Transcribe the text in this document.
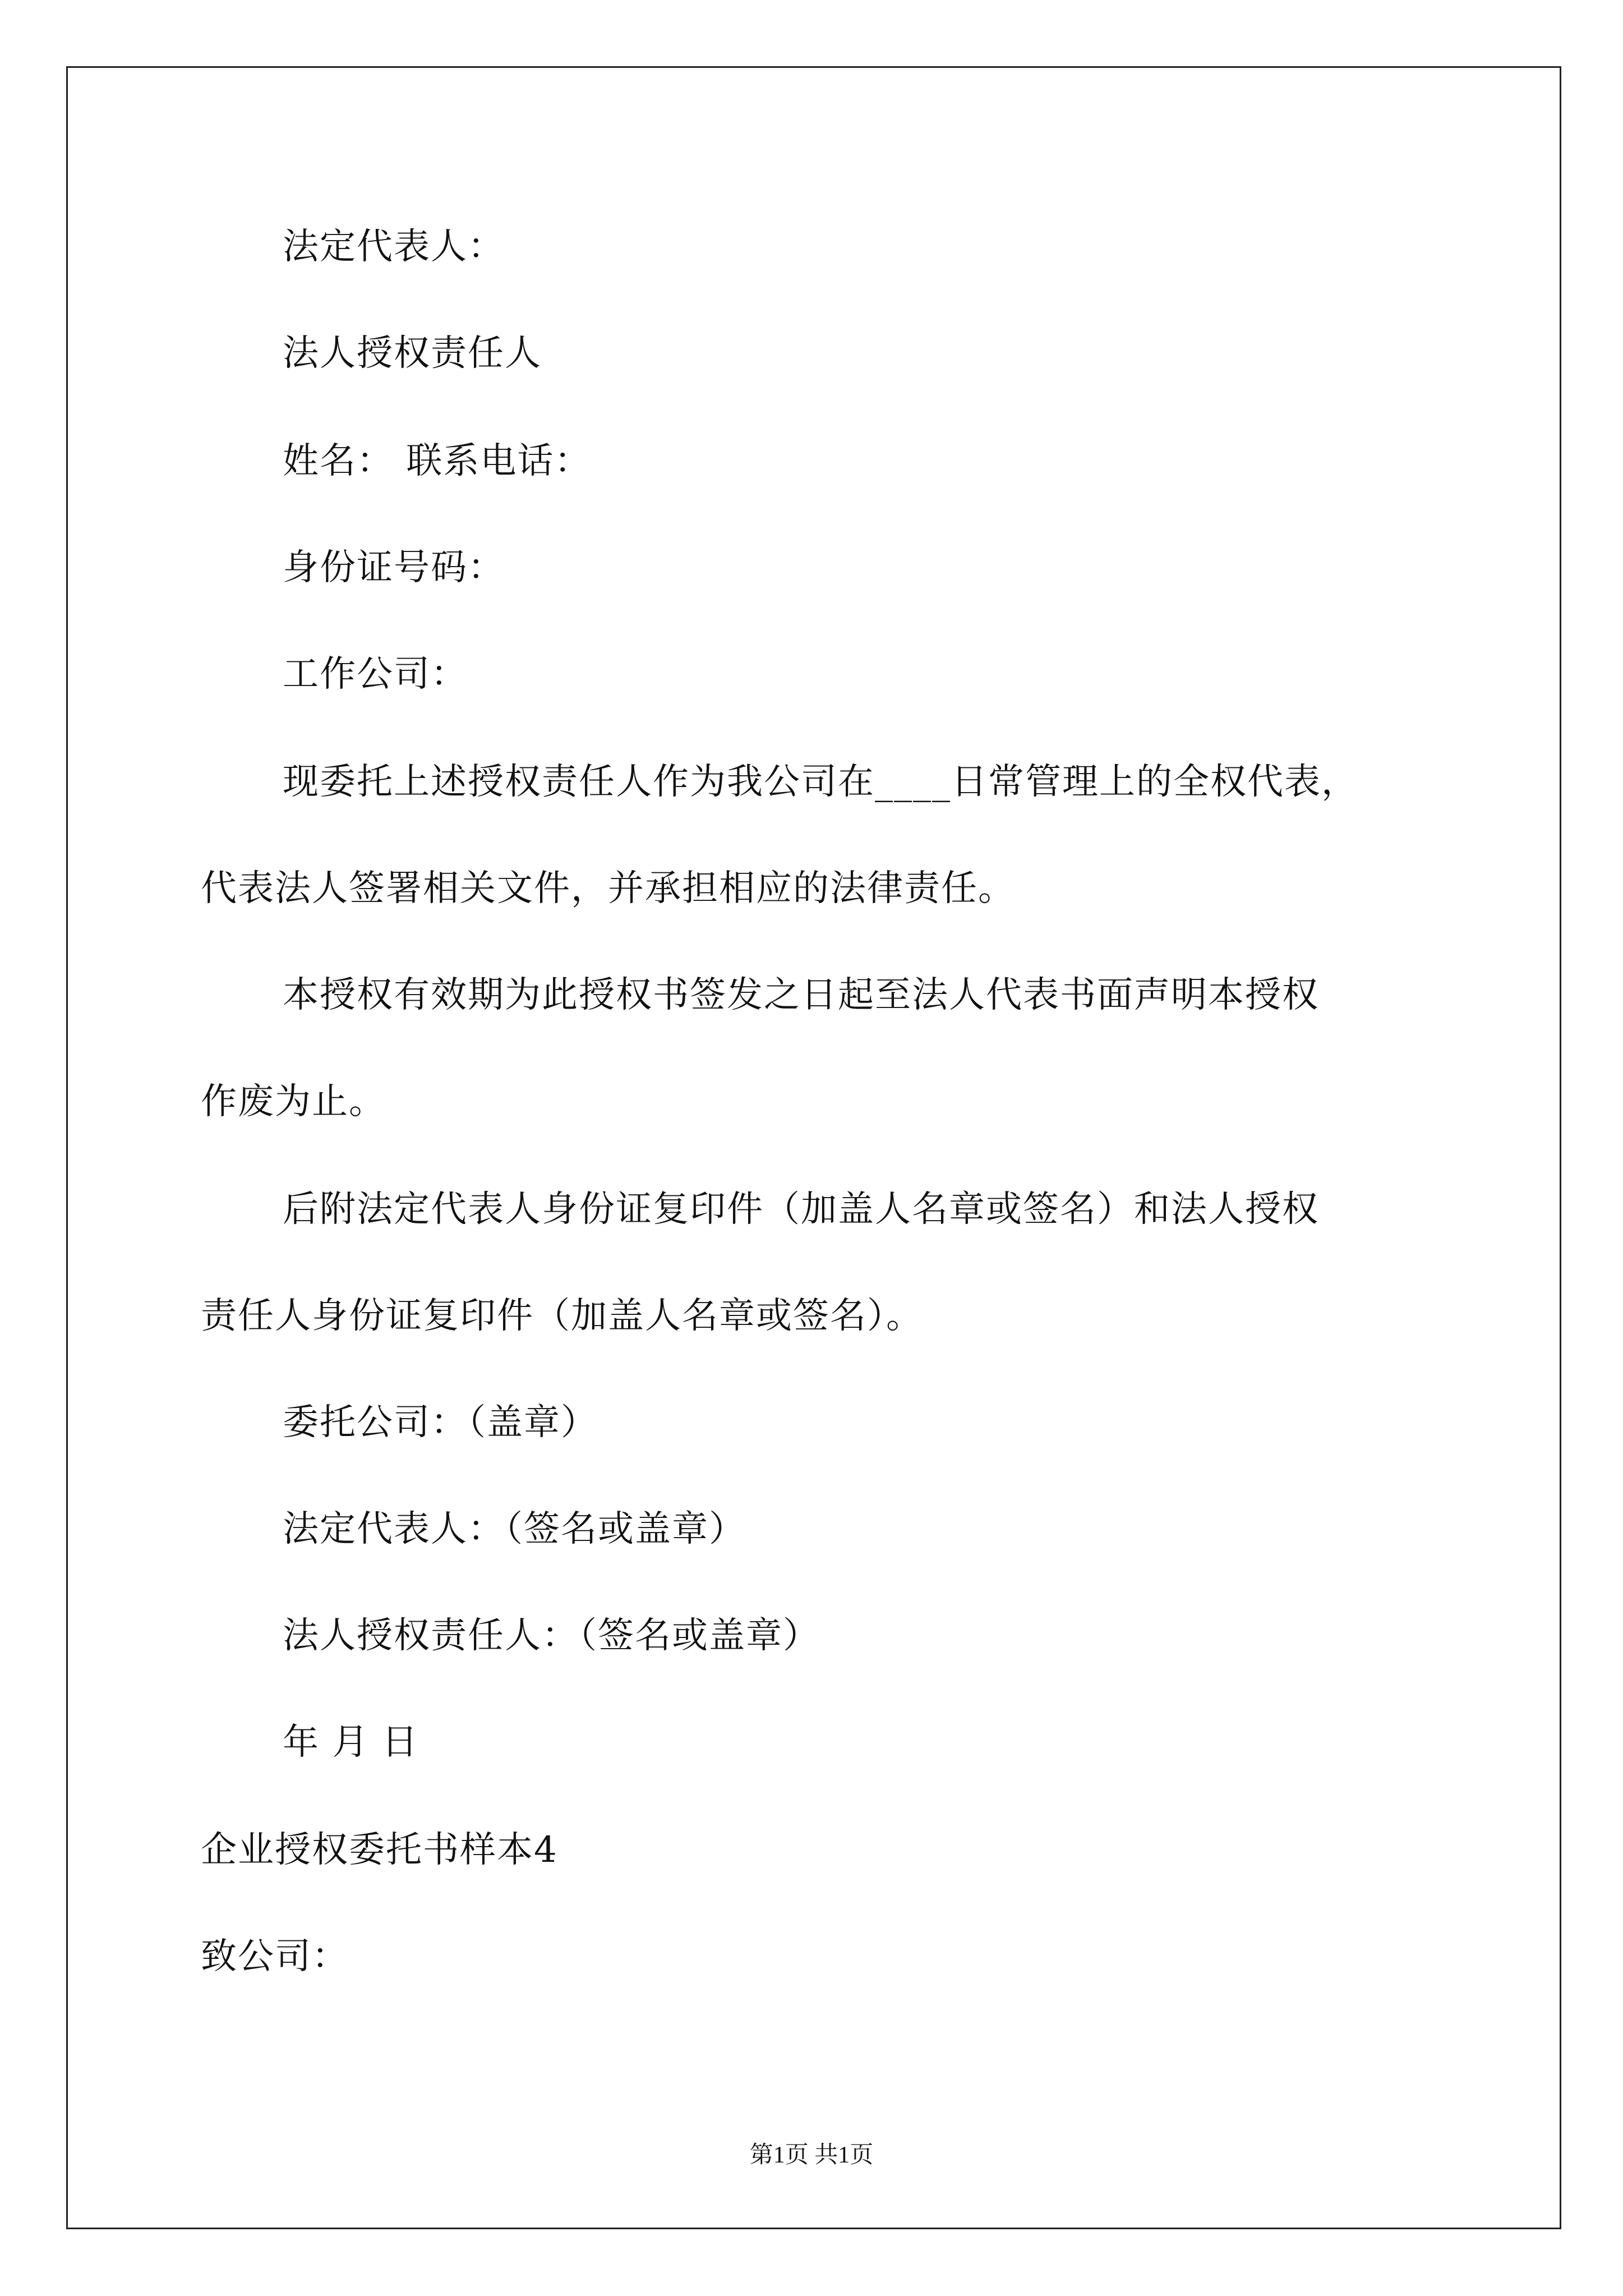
法定代表人：
法人授权责任人
姓名： 联系电话：
身份证号码：
工作公司：
现委托上述授权责任人作为我公司在____日常管理上的全权代表，
代表法人签署相关文件，并承担相应的法律责任。
本授权有效期为此授权书签发之日起至法人代表书面声明本授权
作废为止。
后附法定代表人身份证复印件（加盖人名章或签名）和法人授权
责任人身份证复印件（加盖人名章或签名）。
委托公司：（盖章）
法定代表人：（签名或盖章）
法人授权责任人：（签名或盖章）
年 月 日
企业授权委托书样本4
致公司：
第1页 共1页
